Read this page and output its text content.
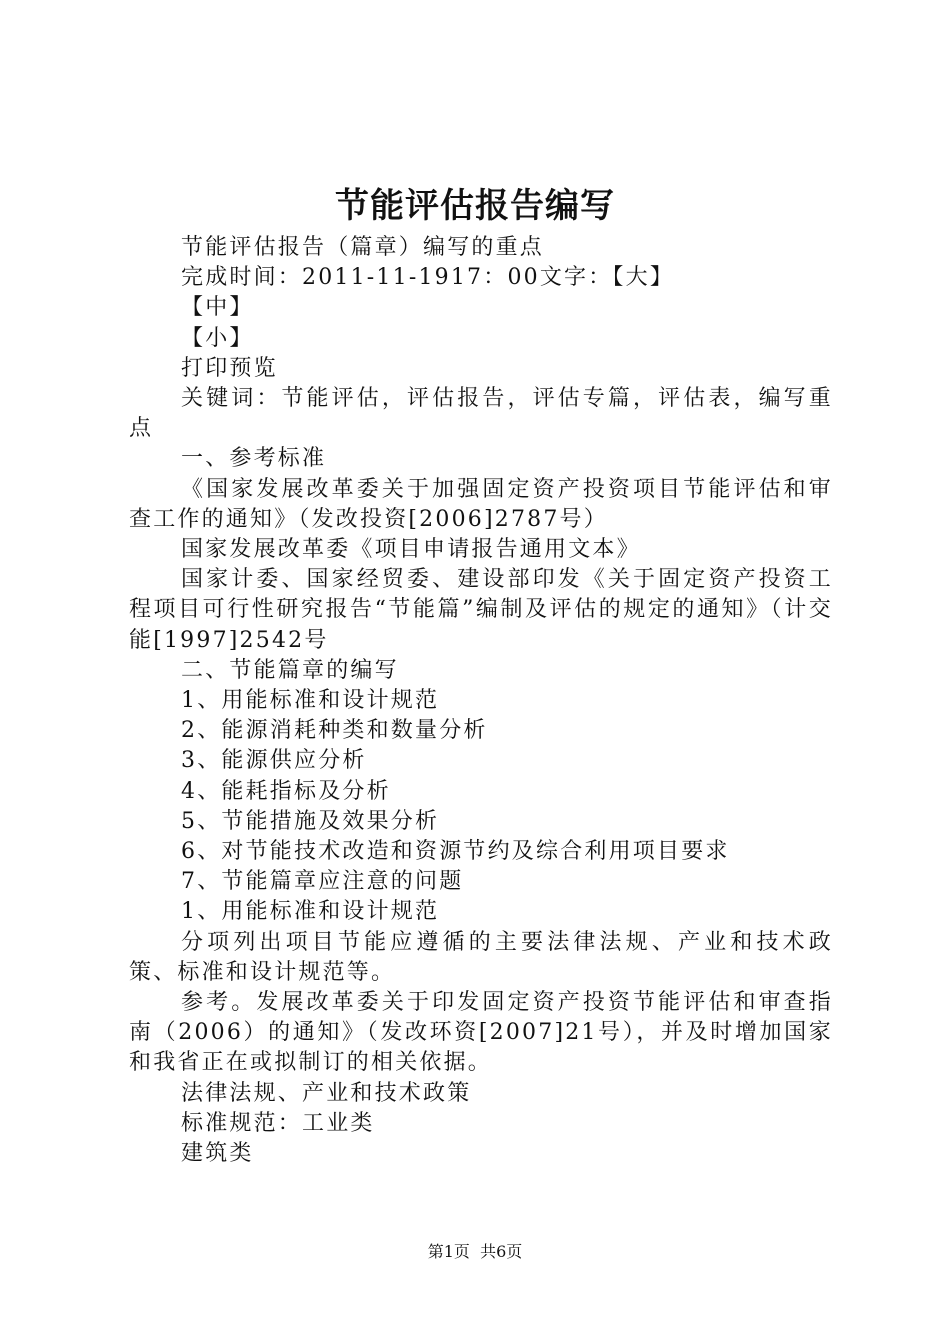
节能评估报告编写

节能评估报告（篇章）编写的重点

完成时间：2011-11-1917：00文字：【大】

【中】

【小】

打印预览

关键词：节能评估，评估报告，评估专篇，评估表，编写重点

一、参考标准

《国家发展改革委关于加强固定资产投资项目节能评估和审查工作的通知》（发改投资[2006]2787号）

国家发展改革委《项目申请报告通用文本》

国家计委、国家经贸委、建设部印发《关于固定资产投资工程项目可行性研究报告“节能篇”编制及评估的规定的通知》（计交能[1997]2542号

二、节能篇章的编写

1、用能标准和设计规范

2、能源消耗种类和数量分析

3、能源供应分析

4、能耗指标及分析

5、节能措施及效果分析

6、对节能技术改造和资源节约及综合利用项目要求

7、节能篇章应注意的问题

1、用能标准和设计规范

分项列出项目节能应遵循的主要法律法规、产业和技术政策、标准和设计规范等。

参考。发展改革委关于印发固定资产投资节能评估和审查指南（2006）的通知》（发改环资[2007]21号），并及时增加国家和我省正在或拟制订的相关依据。

法律法规、产业和技术政策

标准规范：工业类

建筑类

第1页 共6页
